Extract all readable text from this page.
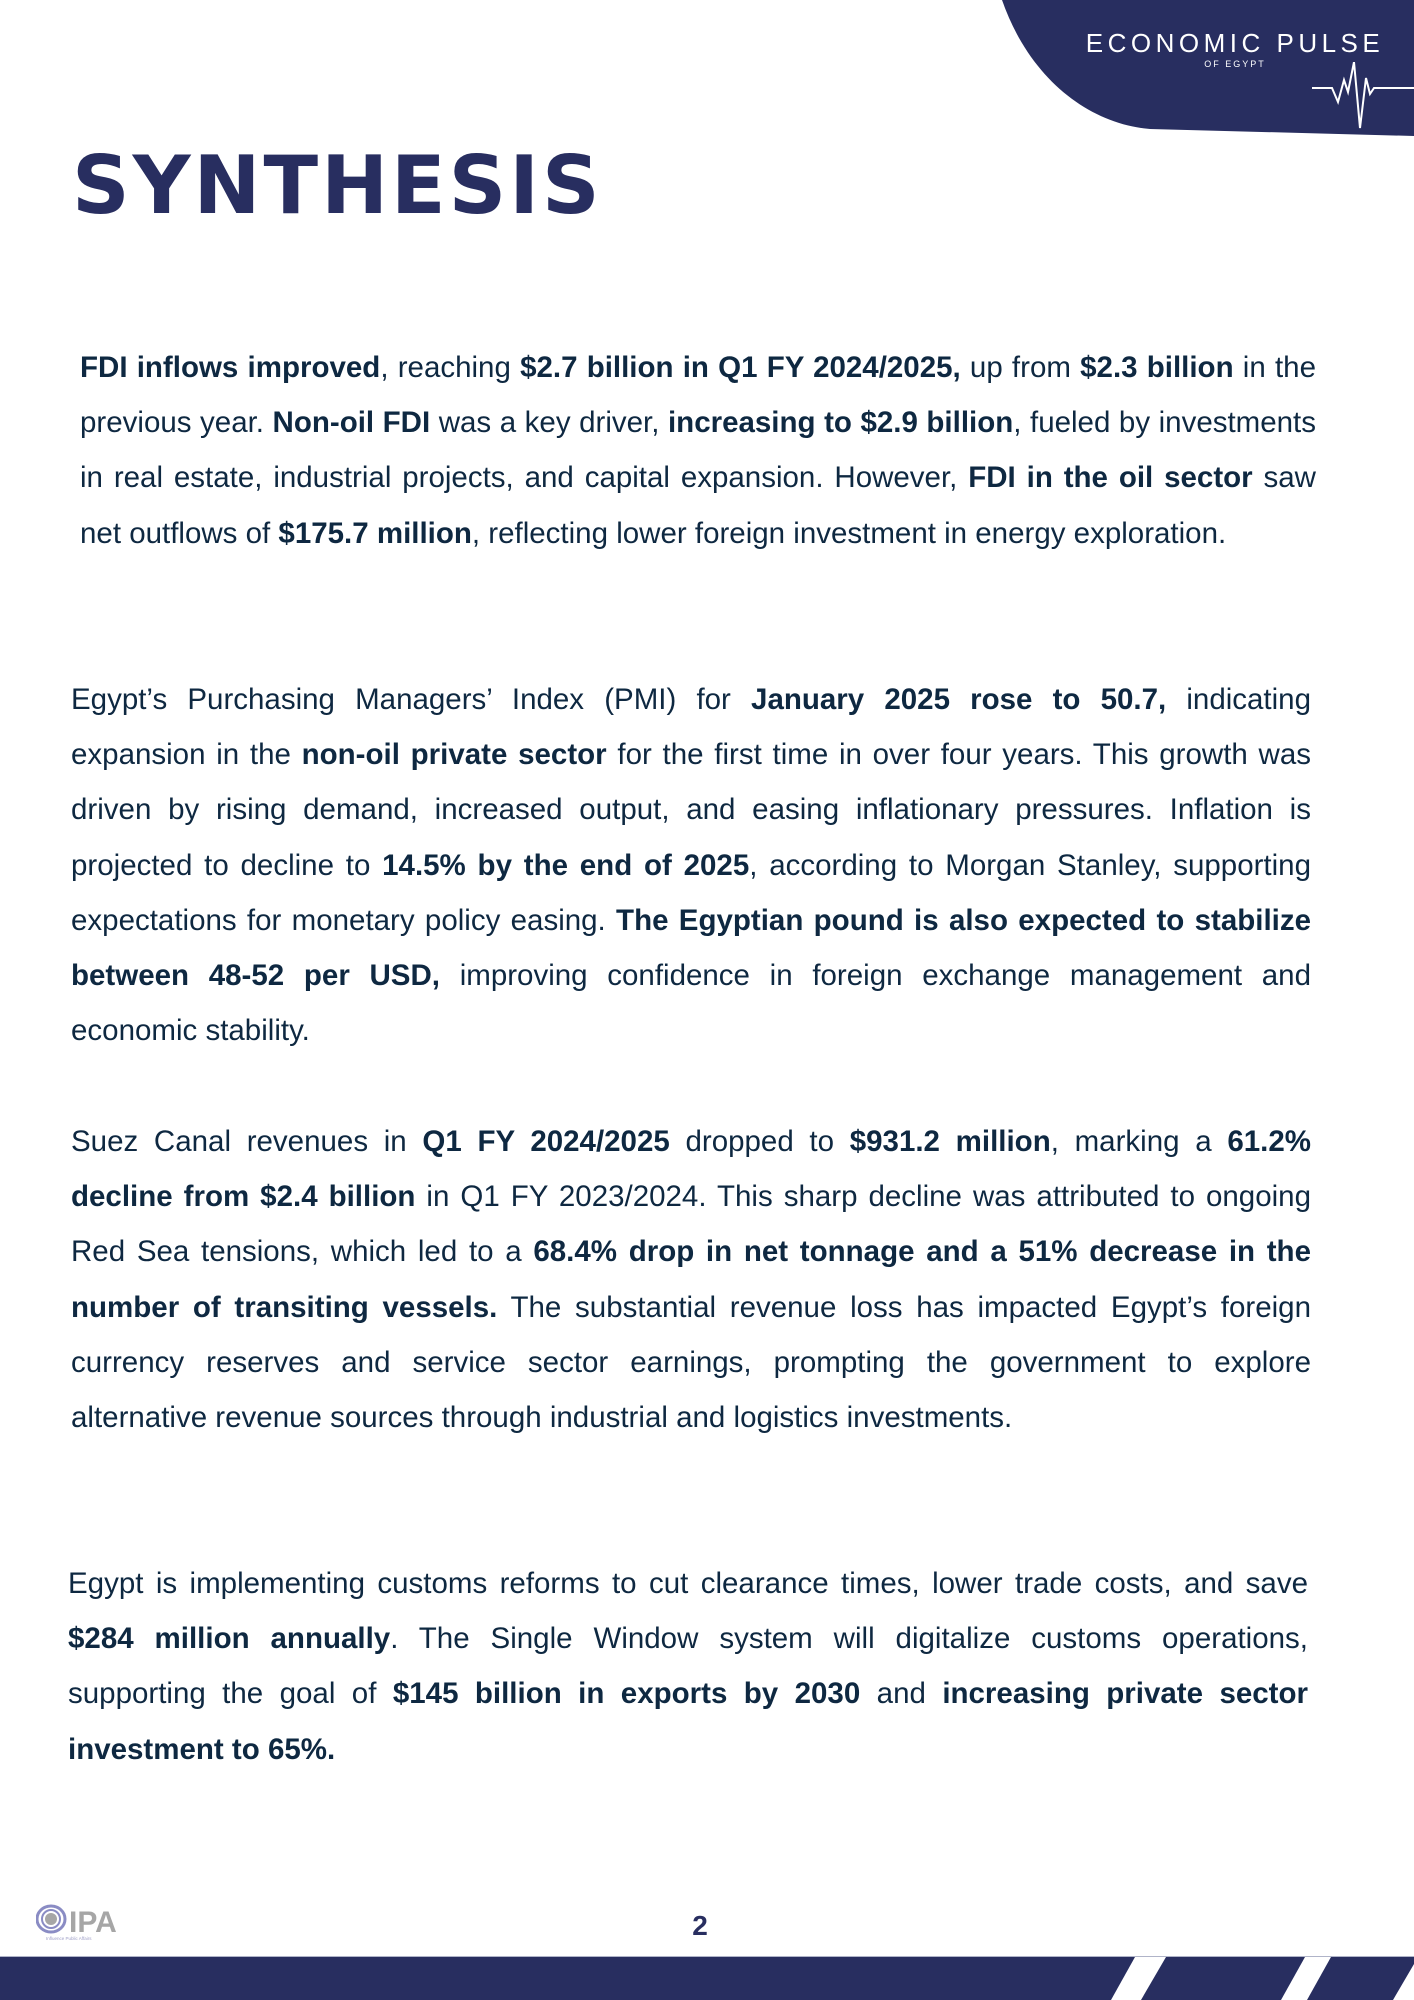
ECONOMIC PULSE
OF EGYPT
SYNTHESIS

FDI inflows improved, reaching $2.7 billion in Q1 FY 2024/2025, up from $2.3 billion in the previous year. Non-oil FDI was a key driver, increasing to $2.9 billion, fueled by investments in real estate, industrial projects, and capital expansion. However, FDI in the oil sector saw net outflows of $175.7 million, reflecting lower foreign investment in energy exploration.

Egypt’s Purchasing Managers’ Index (PMI) for January 2025 rose to 50.7, indicating expansion in the non-oil private sector for the first time in over four years. This growth was driven by rising demand, increased output, and easing inflationary pressures. Inflation is projected to decline to 14.5% by the end of 2025, according to Morgan Stanley, supporting expectations for monetary policy easing. The Egyptian pound is also expected to stabilize between 48-52 per USD, improving confidence in foreign exchange management and economic stability.

Suez Canal revenues in Q1 FY 2024/2025 dropped to $931.2 million, marking a 61.2% decline from $2.4 billion in Q1 FY 2023/2024. This sharp decline was attributed to ongoing Red Sea tensions, which led to a 68.4% drop in net tonnage and a 51% decrease in the number of transiting vessels. The substantial revenue loss has impacted Egypt’s foreign currency reserves and service sector earnings, prompting the government to explore alternative revenue sources through industrial and logistics investments.

Egypt is implementing customs reforms to cut clearance times, lower trade costs, and save $284 million annually. The Single Window system will digitalize customs operations, supporting the goal of $145 billion in exports by 2030 and increasing private sector investment to 65%.

IPA
Influence Public Affairs	2
